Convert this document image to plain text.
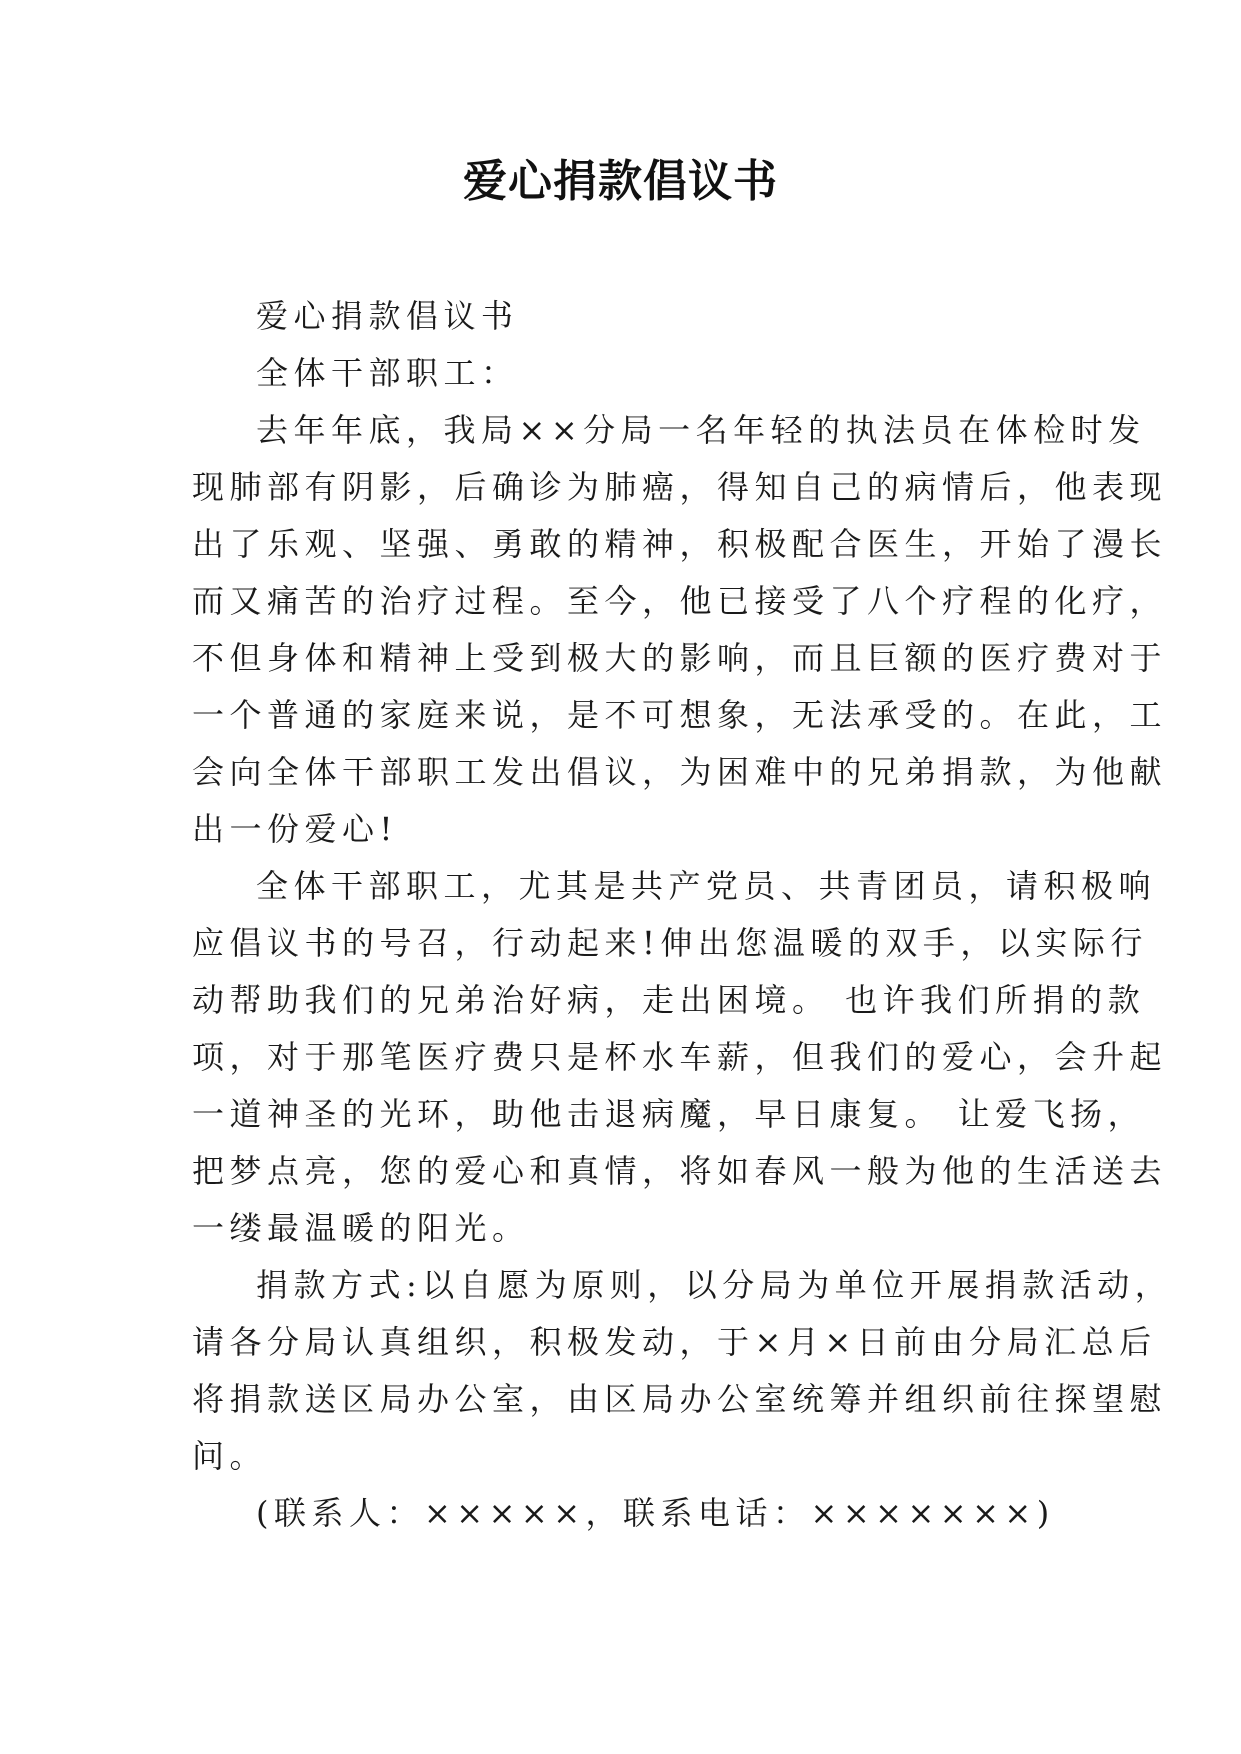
爱心捐款倡议书
爱心捐款倡议书
全体干部职工：
去年年底，我局××分局一名年轻的执法员在体检时发
现肺部有阴影，后确诊为肺癌，得知自己的病情后，他表现
出了乐观、坚强、勇敢的精神，积极配合医生，开始了漫长
而又痛苦的治疗过程。至今，他已接受了八个疗程的化疗，
不但身体和精神上受到极大的影响，而且巨额的医疗费对于
一个普通的家庭来说，是不可想象，无法承受的。在此，工
会向全体干部职工发出倡议，为困难中的兄弟捐款，为他献
出一份爱心!
全体干部职工，尤其是共产党员、共青团员，请积极响
应倡议书的号召，行动起来!伸出您温暖的双手，以实际行
动帮助我们的兄弟治好病，走出困境。 也许我们所捐的款
项，对于那笔医疗费只是杯水车薪，但我们的爱心，会升起
一道神圣的光环，助他击退病魔，早日康复。 让爱飞扬，
把梦点亮，您的爱心和真情，将如春风一般为他的生活送去
一缕最温暖的阳光。
捐款方式:以自愿为原则，以分局为单位开展捐款活动，
请各分局认真组织，积极发动，于×月×日前由分局汇总后
将捐款送区局办公室，由区局办公室统筹并组织前往探望慰
问。
(联系人：×××××，联系电话：×××××××)
